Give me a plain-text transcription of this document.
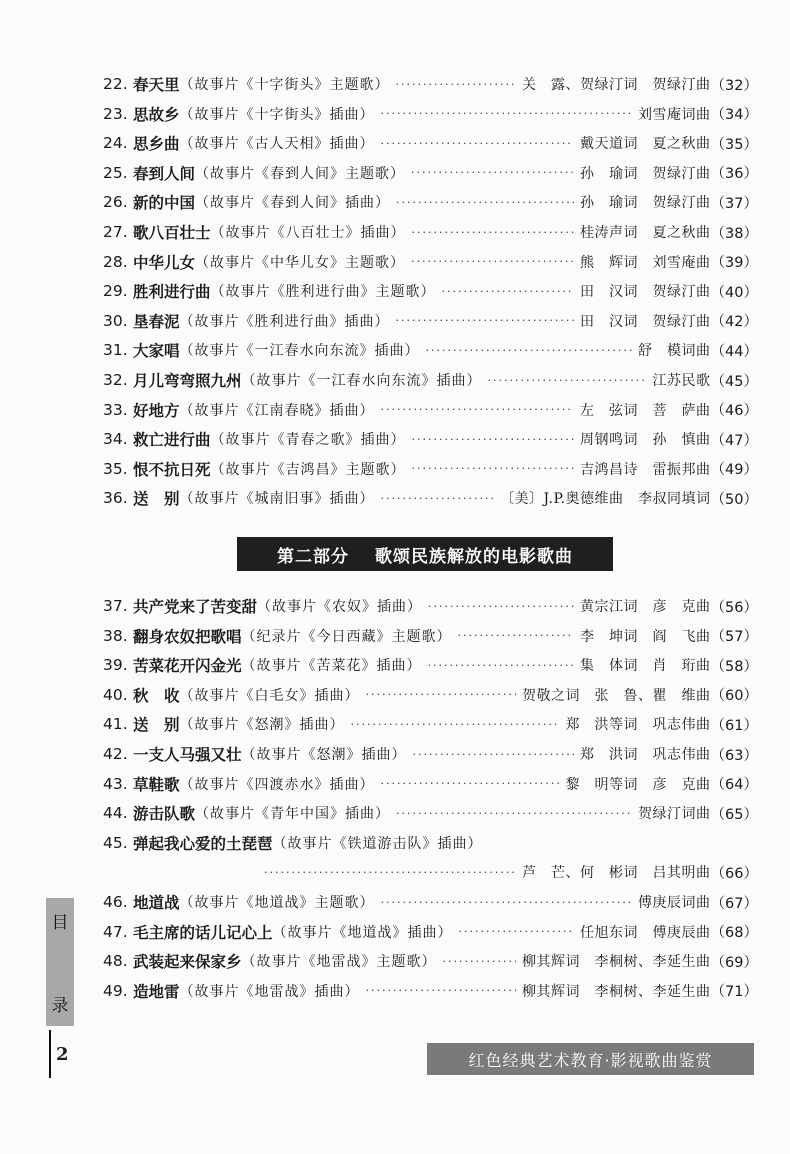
22. 春天里 （故事片《十字街头》主题歌） ·····	关　露、贺绿汀词　贺绿汀曲 （32）
23. 思故乡 （故事片《十字街头》插曲） ·····	刘雪庵词曲 （34）
24. 思乡曲 （故事片《古人天相》插曲） ·····	戴天道词　夏之秋曲 （35）
25. 春到人间 （故事片《春到人间》主题歌） ·····	孙　瑜词　贺绿汀曲 （36）
26. 新的中国 （故事片《春到人间》插曲） ·····	孙　瑜词　贺绿汀曲 （37）
27. 歌八百壮士 （故事片《八百壮士》插曲） ·····	桂涛声词　夏之秋曲 （38）
28. 中华儿女 （故事片《中华儿女》主题歌） ·····	熊　辉词　刘雪庵曲 （39）
29. 胜利进行曲 （故事片《胜利进行曲》主题歌） ·····	田　汉词　贺绿汀曲 （40）
30. 垦春泥 （故事片《胜利进行曲》插曲） ·····	田　汉词　贺绿汀曲 （42）
31. 大家唱 （故事片《一江春水向东流》插曲） ·····	舒　模词曲 （44）
32. 月儿弯弯照九州 （故事片《一江春水向东流》插曲） ·····	江苏民歌 （45）
33. 好地方 （故事片《江南春晓》插曲） ·····	左　弦词　菩　萨曲 （46）
34. 救亡进行曲 （故事片《青春之歌》插曲） ·····	周钢鸣词　孙　慎曲 （47）
35. 恨不抗日死 （故事片《吉鸿昌》主题歌） ·····	吉鸿昌诗　雷振邦曲 （49）
36. 送　别 （故事片《城南旧事》插曲） ·····	〔美〕J.P.奥德维曲　李叔同填词 （50）
第二部分 歌颂民族解放的电影歌曲
37. 共产党来了苦变甜 （故事片《农奴》插曲） ·····	黄宗江词　彦　克曲 （56）
38. 翻身农奴把歌唱 （纪录片《今日西藏》主题歌） ·····	李　坤词　阎　飞曲 （57）
39. 苦菜花开闪金光 （故事片《苦菜花》插曲） ·····	集　体词　肖　珩曲 （58）
40. 秋　收 （故事片《白毛女》插曲） ·····	贺敬之词　张　鲁、瞿　维曲 （60）
41. 送　别 （故事片《怒潮》插曲） ·····	郑　洪等词　巩志伟曲 （61）
42. 一支人马强又壮 （故事片《怒潮》插曲） ·····	郑　洪词　巩志伟曲 （63）
43. 草鞋歌 （故事片《四渡赤水》插曲） ·····	黎　明等词　彦　克曲 （64）
44. 游击队歌 （故事片《青年中国》插曲） ·····	贺绿汀词曲 （65）
45. 弹起我心爱的土琵琶 （故事片《铁道游击队》插曲）
·····
芦　芒、何　彬词　吕其明曲 （66）
46. 地道战 （故事片《地道战》主题歌） ·····	傅庚辰词曲 （67）
47. 毛主席的话儿记心上 （故事片《地道战》插曲） ·····	任旭东词　傅庚辰曲 （68）
48. 武装起来保家乡 （故事片《地雷战》主题歌） ·····	柳其辉词　李桐树、李延生曲 （69）
49. 造地雷 （故事片《地雷战》插曲） ·····	柳其辉词　李桐树、李延生曲 （71）
目
录
2	红色经典艺术教育·影视歌曲鉴赏
